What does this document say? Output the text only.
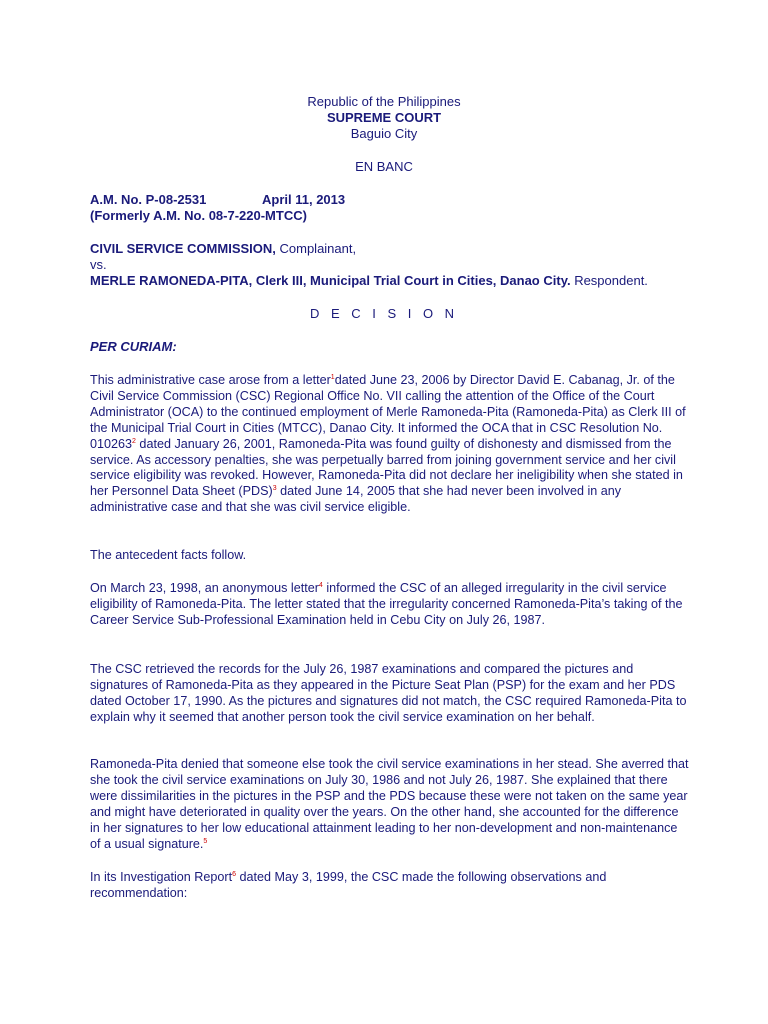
Republic of the Philippines
SUPREME COURT
Baguio City
EN BANC
A.M. No. P-08-2531	April 11, 2013
(Formerly A.M. No. 08-7-220-MTCC)
CIVIL SERVICE COMMISSION, Complainant,
vs.
MERLE RAMONEDA-PITA, Clerk III, Municipal Trial Court in Cities, Danao City. Respondent.
D E C I S I O N
PER CURIAM:
This administrative case arose from a letter$^1$dated June 23, 2006 by Director David E. Cabanag, Jr. of the Civil Service Commission (CSC) Regional Office No. VII calling the attention of the Office of the Court Administrator (OCA) to the continued employment of Merle Ramoneda-Pita (Ramoneda-Pita) as Clerk III of the Municipal Trial Court in Cities (MTCC), Danao City. It informed the OCA that in CSC Resolution No. 010263$^2$ dated January 26, 2001, Ramoneda-Pita was found guilty of dishonesty and dismissed from the service. As accessory penalties, she was perpetually barred from joining government service and her civil service eligibility was revoked. However, Ramoneda-Pita did not declare her ineligibility when she stated in her Personnel Data Sheet (PDS)$^3$ dated June 14, 2005 that she had never been involved in any administrative case and that she was civil service eligible.
The antecedent facts follow.
On March 23, 1998, an anonymous letter$^4$ informed the CSC of an alleged irregularity in the civil service eligibility of Ramoneda-Pita. The letter stated that the irregularity concerned Ramoneda-Pita’s taking of the Career Service Sub-Professional Examination held in Cebu City on July 26, 1987.
The CSC retrieved the records for the July 26, 1987 examinations and compared the pictures and signatures of Ramoneda-Pita as they appeared in the Picture Seat Plan (PSP) for the exam and her PDS dated October 17, 1990. As the pictures and signatures did not match, the CSC required Ramoneda-Pita to explain why it seemed that another person took the civil service examination on her behalf.
Ramoneda-Pita denied that someone else took the civil service examinations in her stead. She averred that she took the civil service examinations on July 30, 1986 and not July 26, 1987. She explained that there were dissimilarities in the pictures in the PSP and the PDS because these were not taken on the same year and might have deteriorated in quality over the years. On the other hand, she accounted for the difference in her signatures to her low educational attainment leading to her non-development and non-maintenance of a usual signature.$^5$
In its Investigation Report$^6$ dated May 3, 1999, the CSC made the following observations and recommendation:
